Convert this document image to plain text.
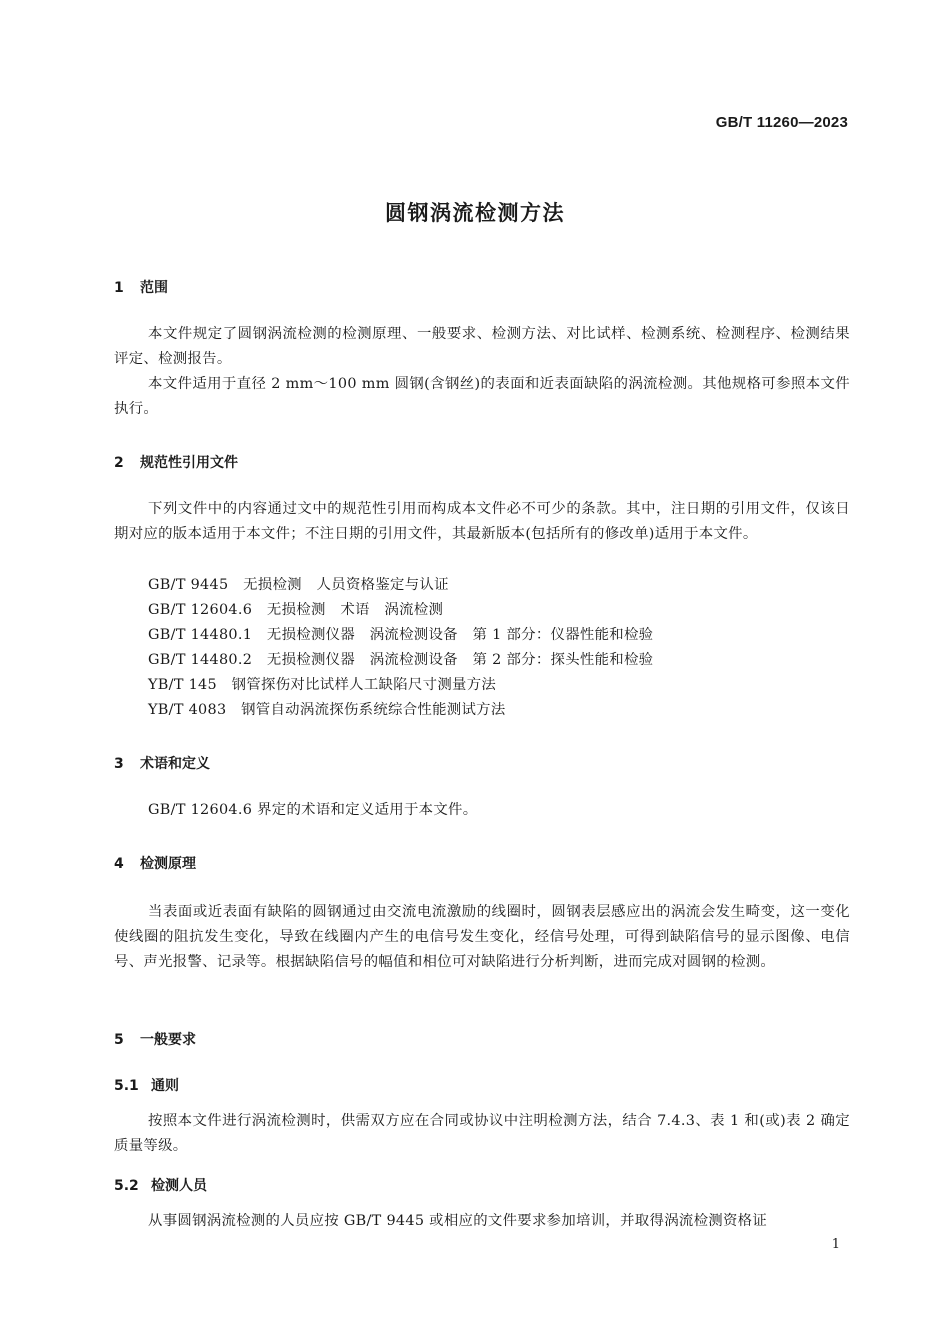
GB/T 11260—2023
圆钢涡流检测方法
1 范围
本文件规定了圆钢涡流检测的检测原理、一般要求、检测方法、对比试样、检测系统、检测程序、检测结果评定、检测报告。
本文件适用于直径 2 mm～100 mm 圆钢(含钢丝)的表面和近表面缺陷的涡流检测。其他规格可参照本文件执行。
2 规范性引用文件
下列文件中的内容通过文中的规范性引用而构成本文件必不可少的条款。其中，注日期的引用文件，仅该日期对应的版本适用于本文件；不注日期的引用文件，其最新版本(包括所有的修改单)适用于本文件。
GB/T 9445　无损检测　人员资格鉴定与认证
GB/T 12604.6　无损检测　术语　涡流检测
GB/T 14480.1　无损检测仪器　涡流检测设备　第 1 部分：仪器性能和检验
GB/T 14480.2　无损检测仪器　涡流检测设备　第 2 部分：探头性能和检验
YB/T 145　钢管探伤对比试样人工缺陷尺寸测量方法
YB/T 4083　钢管自动涡流探伤系统综合性能测试方法
3 术语和定义
GB/T 12604.6 界定的术语和定义适用于本文件。
4 检测原理
当表面或近表面有缺陷的圆钢通过由交流电流激励的线圈时，圆钢表层感应出的涡流会发生畸变，这一变化使线圈的阻抗发生变化，导致在线圈内产生的电信号发生变化，经信号处理，可得到缺陷信号的显示图像、电信号、声光报警、记录等。根据缺陷信号的幅值和相位可对缺陷进行分析判断，进而完成对圆钢的检测。
5 一般要求
5.1 通则
按照本文件进行涡流检测时，供需双方应在合同或协议中注明检测方法，结合 7.4.3、表 1 和(或)表 2 确定质量等级。
5.2 检测人员
从事圆钢涡流检测的人员应按 GB/T 9445 或相应的文件要求参加培训，并取得涡流检测资格证
1
